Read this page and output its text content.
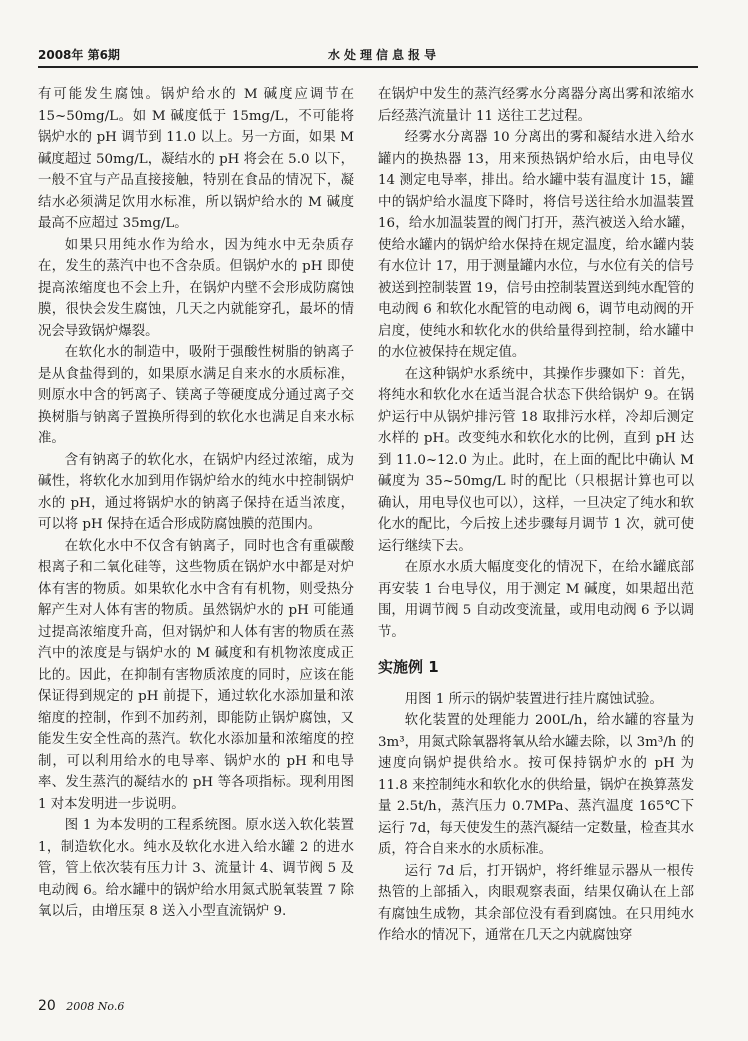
2008年 第6期	水处理信息报导

有可能发生腐蚀。锅炉给水的 M 碱度应调节在 15~50mg/L。如 M 碱度低于 15mg/L，不可能将锅炉水的 pH 调节到 11.0 以上。另一方面，如果 M 碱度超过 50mg/L，凝结水的 pH 将会在 5.0 以下，一般不宜与产品直接接触，特别在食品的情况下，凝结水必须满足饮用水标准，所以锅炉给水的 M 碱度最高不应超过 35mg/L。

如果只用纯水作为给水，因为纯水中无杂质存在，发生的蒸汽中也不含杂质。但锅炉水的 pH 即使提高浓缩度也不会上升，在锅炉内壁不会形成防腐蚀膜，很快会发生腐蚀，几天之内就能穿孔，最坏的情况会导致锅炉爆裂。

在软化水的制造中，吸附于强酸性树脂的钠离子是从食盐得到的，如果原水满足自来水的水质标准，则原水中含的钙离子、镁离子等硬度成分通过离子交换树脂与钠离子置换所得到的软化水也满足自来水标准。

含有钠离子的软化水，在锅炉内经过浓缩，成为碱性，将软化水加到用作锅炉给水的纯水中控制锅炉水的 pH，通过将锅炉水的钠离子保持在适当浓度，可以将 pH 保持在适合形成防腐蚀膜的范围内。

在软化水中不仅含有钠离子，同时也含有重碳酸根离子和二氧化硅等，这些物质在锅炉水中都是对炉体有害的物质。如果软化水中含有有机物，则受热分解产生对人体有害的物质。虽然锅炉水的 pH 可能通过提高浓缩度升高，但对锅炉和人体有害的物质在蒸汽中的浓度是与锅炉水的 M 碱度和有机物浓度成正比的。因此，在抑制有害物质浓度的同时，应该在能保证得到规定的 pH 前提下，通过软化水添加量和浓缩度的控制，作到不加药剂，即能防止锅炉腐蚀，又能发生安全性高的蒸汽。软化水添加量和浓缩度的控制，可以利用给水的电导率、锅炉水的 pH 和电导率、发生蒸汽的凝结水的 pH 等各项指标。现利用图 1 对本发明进一步说明。

图 1 为本发明的工程系统图。原水送入软化装置 1，制造软化水。纯水及软化水进入给水罐 2 的进水管，管上依次装有压力计 3、流量计 4、调节阀 5 及电动阀 6。给水罐中的锅炉给水用氮式脱氧装置 7 除氧以后，由增压泵 8 送入小型直流锅炉 9.

在锅炉中发生的蒸汽经雾水分离器分离出雾和浓缩水后经蒸汽流量计 11 送往工艺过程。

经雾水分离器 10 分离出的雾和凝结水进入给水罐内的换热器 13，用来预热锅炉给水后，由电导仪 14 测定电导率，排出。给水罐中装有温度计 15，罐中的锅炉给水温度下降时，将信号送往给水加温装置 16，给水加温装置的阀门打开，蒸汽被送入给水罐，使给水罐内的锅炉给水保持在规定温度，给水罐内装有水位计 17，用于测量罐内水位，与水位有关的信号被送到控制装置 19，信号由控制装置送到纯水配管的电动阀 6 和软化水配管的电动阀 6，调节电动阀的开启度，使纯水和软化水的供给量得到控制，给水罐中的水位被保持在规定值。

在这种锅炉水系统中，其操作步骤如下：首先，将纯水和软化水在适当混合状态下供给锅炉 9。在锅炉运行中从锅炉排污管 18 取排污水样，冷却后测定水样的 pH。改变纯水和软化水的比例，直到 pH 达到 11.0~12.0 为止。此时，在上面的配比中确认 M 碱度为 35~50mg/L 时的配比（只根据计算也可以确认，用电导仪也可以），这样，一旦决定了纯水和软化水的配比，今后按上述步骤每月调节 1 次，就可使运行继续下去。

在原水水质大幅度变化的情况下，在给水罐底部再安装 1 台电导仪，用于测定 M 碱度，如果超出范围，用调节阀 5 自动改变流量，或用电动阀 6 予以调节。

实施例 1

用图 1 所示的锅炉装置进行挂片腐蚀试验。

软化装置的处理能力 200L/h，给水罐的容量为 3m³，用氮式除氧器将氧从给水罐去除，以 3m³/h 的速度向锅炉提供给水。按可保持锅炉水的 pH 为 11.8 来控制纯水和软化水的供给量，锅炉在换算蒸发量 2.5t/h，蒸汽压力 0.7MPa、蒸汽温度 165℃下运行 7d，每天使发生的蒸汽凝结一定数量，检查其水质，符合自来水的水质标准。

运行 7d 后，打开锅炉，将纤维显示器从一根传热管的上部插入，肉眼观察表面，结果仅确认在上部有腐蚀生成物，其余部位没有看到腐蚀。在只用纯水作给水的情况下，通常在几天之内就腐蚀穿

20 2008 No.6
